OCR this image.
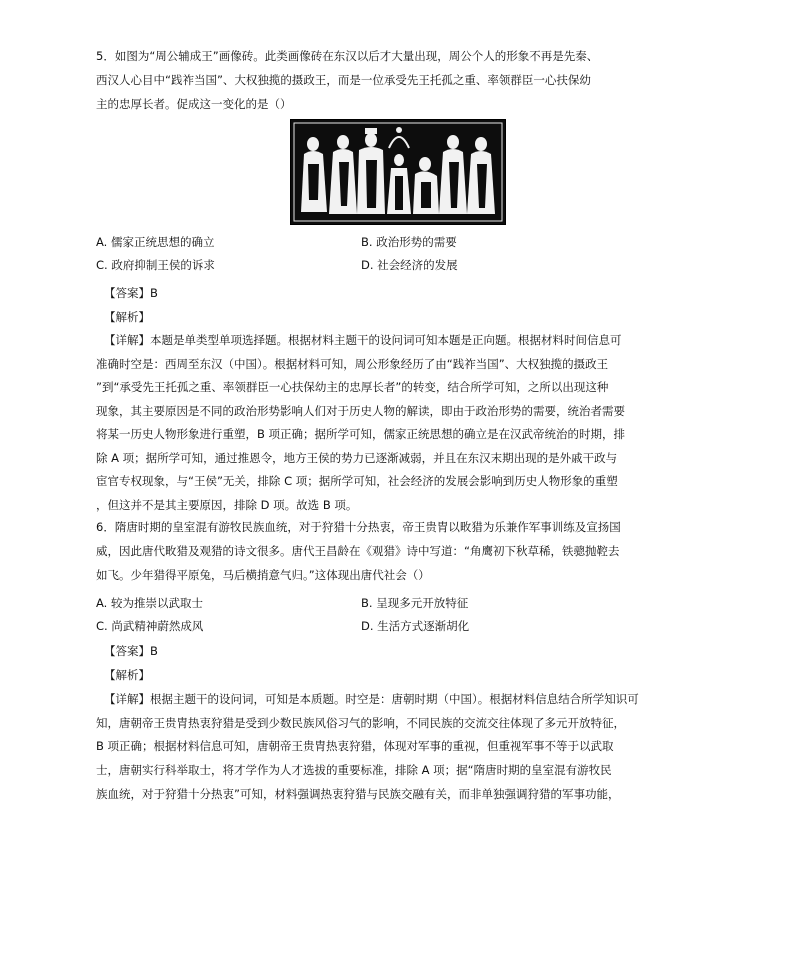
5．如图为“周公辅成王”画像砖。此类画像砖在东汉以后才大量出现，周公个人的形象不再是先秦、
西汉人心目中“践祚当国”、大权独揽的摄政王，而是一位承受先王托孤之重、率领群臣一心扶保幼
主的忠厚长者。促成这一变化的是（）
A. 儒家正统思想的确立	B. 政治形势的需要
C. 政府抑制王侯的诉求	D. 社会经济的发展
【答案】B
【解析】
【详解】本题是单类型单项选择题。根据材料主题干的设问词可知本题是正向题。根据材料时间信息可
准确时空是：西周至东汉（中国）。根据材料可知，周公形象经历了由“践祚当国”、大权独揽的摄政王
”到“承受先王托孤之重、率领群臣一心扶保幼主的忠厚长者”的转变，结合所学可知，之所以出现这种
现象，其主要原因是不同的政治形势影响人们对于历史人物的解读，即由于政治形势的需要，统治者需要
将某一历史人物形象进行重塑，B 项正确；据所学可知，儒家正统思想的确立是在汉武帝统治的时期，排
除 A 项；据所学可知，通过推恩令，地方王侯的势力已逐渐减弱，并且在东汉末期出现的是外戚干政与
宦官专权现象，与“王侯”无关，排除 C 项；据所学可知，社会经济的发展会影响到历史人物形象的重塑
，但这并不是其主要原因，排除 D 项。故选 B 项。
6．隋唐时期的皇室混有游牧民族血统，对于狩猎十分热衷，帝王贵胄以畋猎为乐兼作军事训练及宣扬国
威，因此唐代畋猎及观猎的诗文很多。唐代王昌龄在《观猎》诗中写道：“角鹰初下秋草稀，铁骢抛鞚去
如飞。少年猎得平原兔，马后横捎意气归。”这体现出唐代社会（）
A. 较为推崇以武取士	B. 呈现多元开放特征
C. 尚武精神蔚然成风	D. 生活方式逐渐胡化
【答案】B
【解析】
【详解】根据主题干的设问词，可知是本质题。时空是：唐朝时期（中国）。根据材料信息结合所学知识可
知，唐朝帝王贵胄热衷狩猎是受到少数民族风俗习气的影响，不同民族的交流交往体现了多元开放特征，
B 项正确；根据材料信息可知，唐朝帝王贵胄热衷狩猎，体现对军事的重视，但重视军事不等于以武取
士，唐朝实行科举取士，将才学作为人才选拔的重要标准，排除 A 项；据“隋唐时期的皇室混有游牧民
族血统，对于狩猎十分热衷”可知，材料强调热衷狩猎与民族交融有关，而非单独强调狩猎的军事功能，
